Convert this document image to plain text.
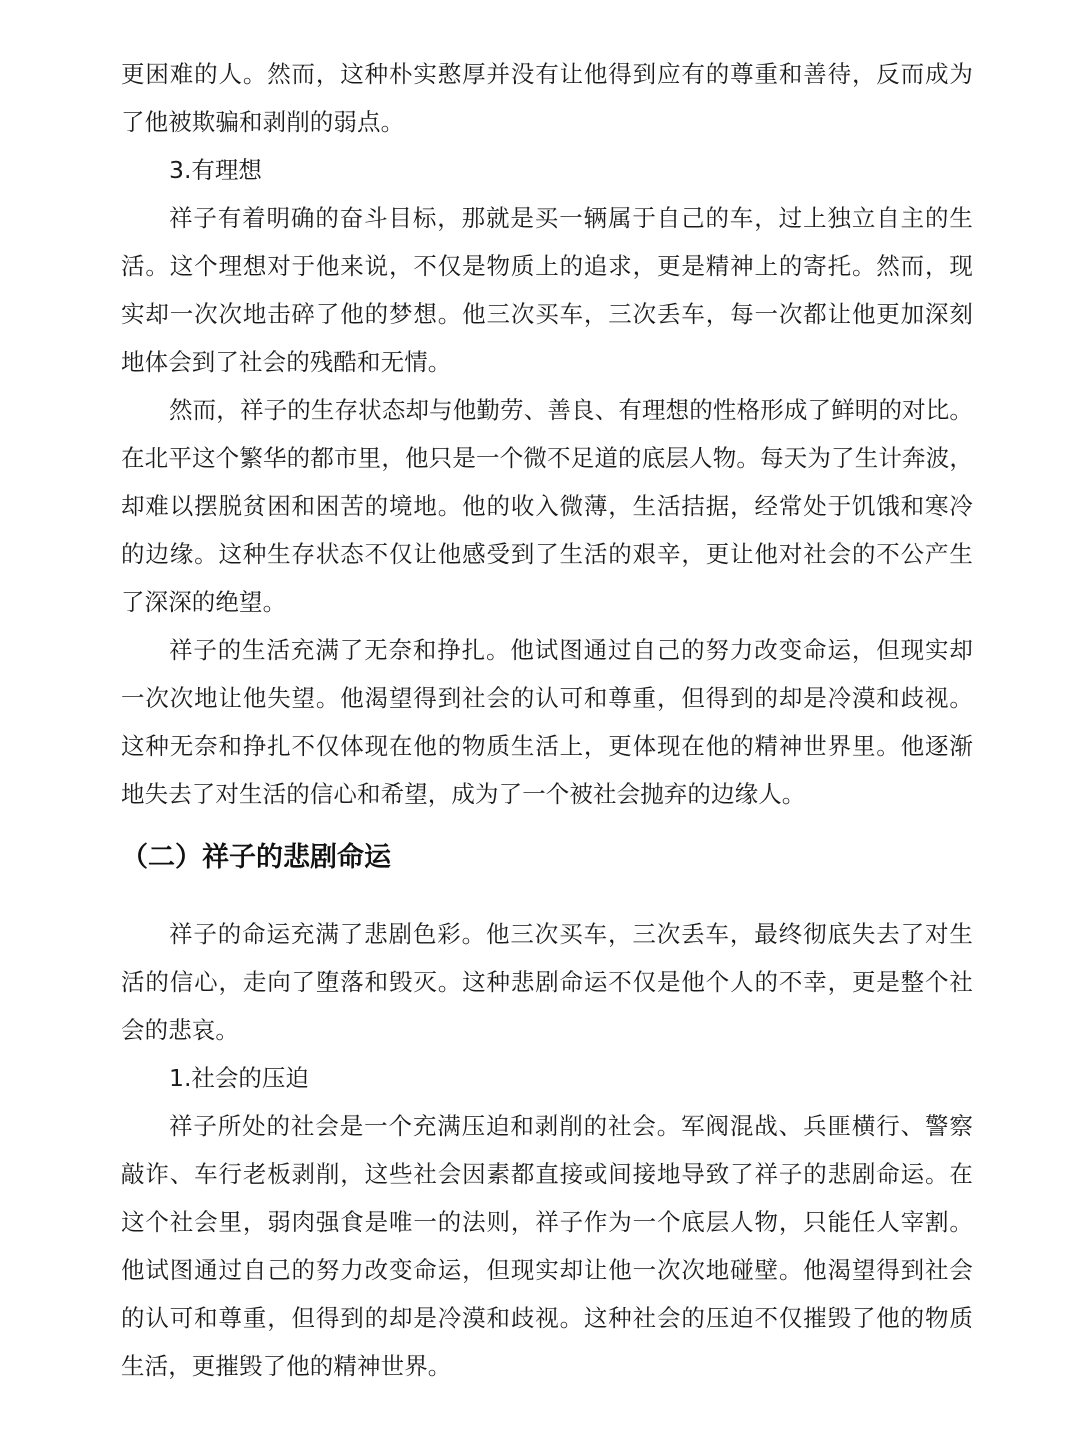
更困难的人。然而，这种朴实憨厚并没有让他得到应有的尊重和善待，反而成为
了他被欺骗和剥削的弱点。
3.有理想
祥子有着明确的奋斗目标，那就是买一辆属于自己的车，过上独立自主的生
活。这个理想对于他来说，不仅是物质上的追求，更是精神上的寄托。然而，现
实却一次次地击碎了他的梦想。他三次买车，三次丢车，每一次都让他更加深刻
地体会到了社会的残酷和无情。
然而，祥子的生存状态却与他勤劳、善良、有理想的性格形成了鲜明的对比。
在北平这个繁华的都市里，他只是一个微不足道的底层人物。每天为了生计奔波，
却难以摆脱贫困和困苦的境地。他的收入微薄，生活拮据，经常处于饥饿和寒冷
的边缘。这种生存状态不仅让他感受到了生活的艰辛，更让他对社会的不公产生
了深深的绝望。
祥子的生活充满了无奈和挣扎。他试图通过自己的努力改变命运，但现实却
一次次地让他失望。他渴望得到社会的认可和尊重，但得到的却是冷漠和歧视。
这种无奈和挣扎不仅体现在他的物质生活上，更体现在他的精神世界里。他逐渐
地失去了对生活的信心和希望，成为了一个被社会抛弃的边缘人。
（二）祥子的悲剧命运
祥子的命运充满了悲剧色彩。他三次买车，三次丢车，最终彻底失去了对生
活的信心，走向了堕落和毁灭。这种悲剧命运不仅是他个人的不幸，更是整个社
会的悲哀。
1.社会的压迫
祥子所处的社会是一个充满压迫和剥削的社会。军阀混战、兵匪横行、警察
敲诈、车行老板剥削，这些社会因素都直接或间接地导致了祥子的悲剧命运。在
这个社会里，弱肉强食是唯一的法则，祥子作为一个底层人物，只能任人宰割。
他试图通过自己的努力改变命运，但现实却让他一次次地碰壁。他渴望得到社会
的认可和尊重，但得到的却是冷漠和歧视。这种社会的压迫不仅摧毁了他的物质
生活，更摧毁了他的精神世界。
